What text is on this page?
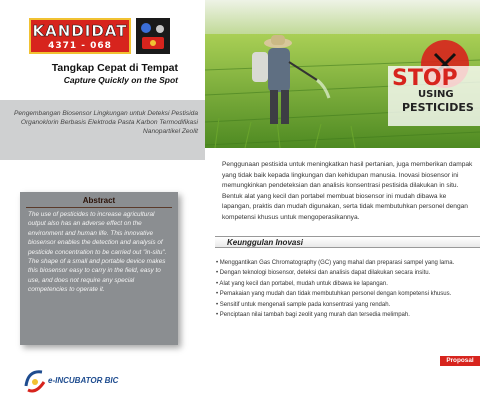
KANDIDAT
4371 - 068
Tangkap Cepat di Tempat
Capture Quickly on the Spot
Pengembangan Biosensor Lingkungan untuk Deteksi Pestisida Organoklorin Berbasis Elektroda Pasta Karbon Termodifikasi Nanopartikel Zeolit
Abstract
The use of pesticides to increase agricultural output also has an adverse effect on the environment and human life. This innovative biosensor enables the detection and analysis of pesticide concentration to be carried out "in-situ". The shape of a small and portable device makes this biosensor easy to carry in the field, easy to use, and does not require any special competencies to operate it.
STOP
USING
PESTICIDES
Penggunaan pestisida untuk meningkatkan hasil pertanian, juga memberikan dampak yang tidak baik kepada lingkungan dan kehidupan manusia. Inovasi biosensor ini memungkinkan pendeteksian dan analisis konsentrasi pestisida dilakukan in situ. Bentuk alat yang kecil dan portabel membuat biosensor ini mudah dibawa ke lapangan, praktis dan mudah digunakan, serta tidak membutuhkan personel dengan kompetensi khusus untuk mengoperasikannya.
Keunggulan Inovasi
• Menggantikan Gas Chromatography (GC) yang mahal dan preparasi sampel yang lama.
• Dengan teknologi biosensor, deteksi dan analisis dapat dilakukan secara insitu.
• Alat yang kecil dan portabel, mudah untuk dibawa ke lapangan.
• Pemakaian yang mudah dan tidak membutuhkan personel dengan kompetensi khusus.
• Sensitif untuk mengenali sample pada konsentrasi yang rendah.
• Penciptaan nilai tambah bagi zeolit yang murah dan tersedia melimpah.
Proposal
e-INCUBATOR BIC
